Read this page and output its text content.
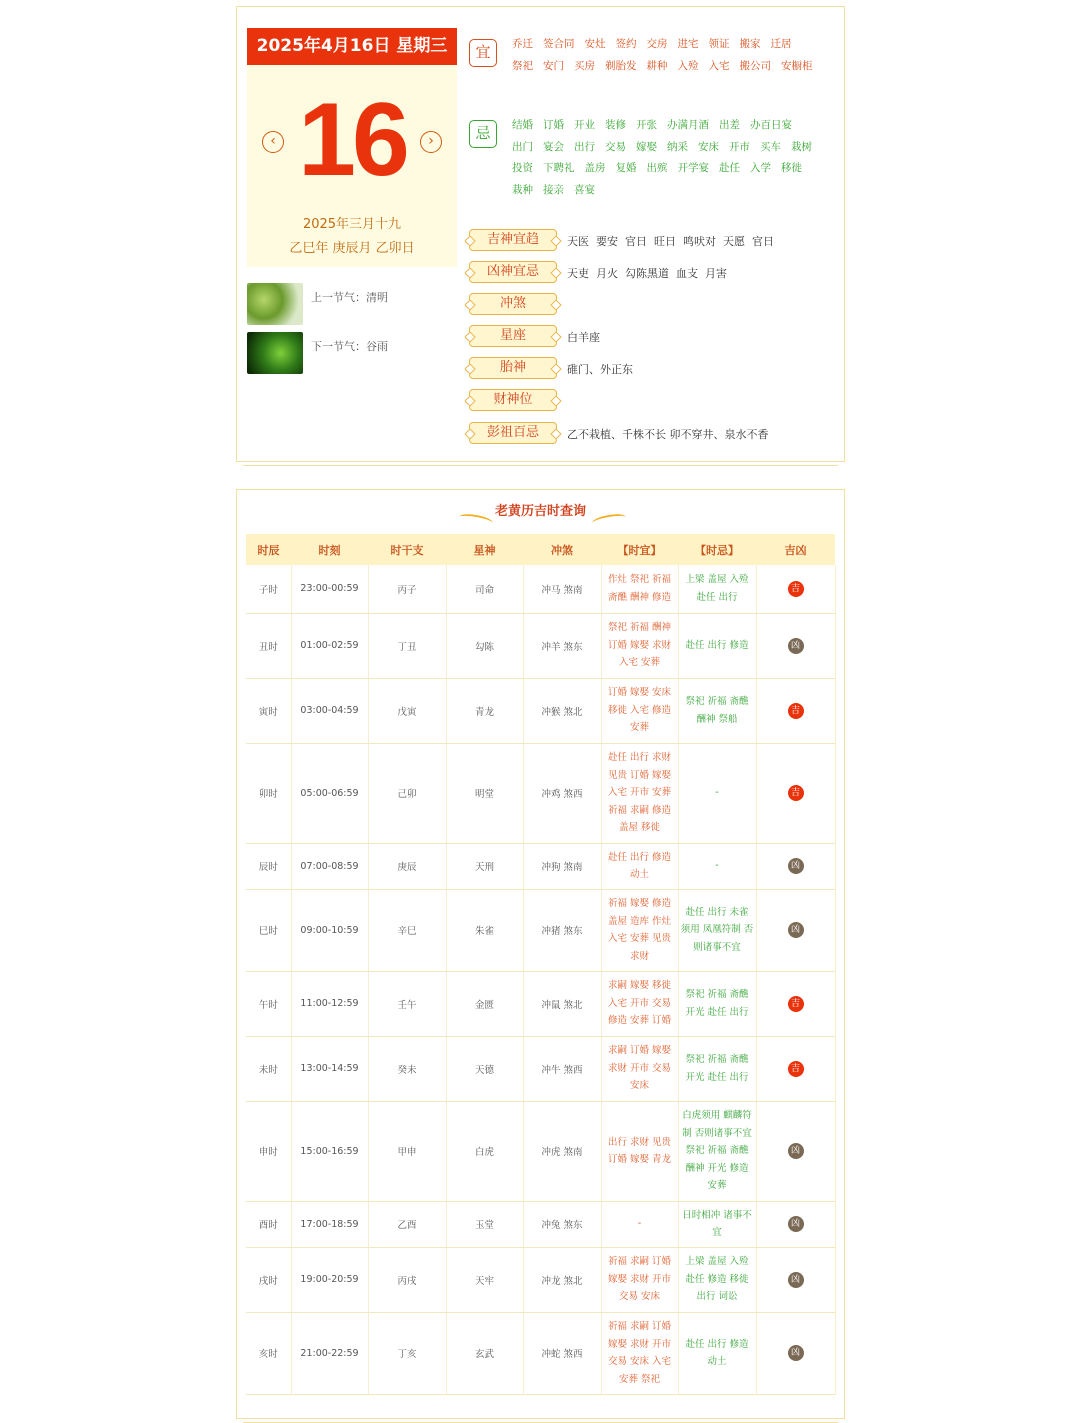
2025年4月16日 星期三
‹ 16	›
2025年三月十九
乙巳年 庚辰月 乙卯日
上一节气：清明
下一节气：谷雨
宜	乔迁 签合同 安灶 签约 交房 进宅 领证 搬家 迁居祭祀 安门 买房 剃胎发 耕种 入殓 入宅 搬公司 安橱柜
忌	结婚 订婚 开业 装修 开张 办满月酒 出差 办百日宴出门 宴会 出行 交易 嫁娶 纳采 安床 开市 买车 栽树投资 下聘礼 盖房 复婚 出殡 开学宴 赴任 入学 移徙栽种 接亲 喜宴
吉神宜趋	天医 要安 官日 旺日 鸣吠对 天愿 官日
凶神宜忌	天吏 月火 勾陈黑道 血支 月害
冲煞
星座	白羊座
胎神	碓门、外正东
财神位
彭祖百忌	乙不栽植、千株不长 卯不穿井、泉水不香
老黄历吉时查询
时辰	时刻	时干支	星神	冲煞	【时宜】	【时忌】	吉凶
子时	23:00-00:59	丙子	司命	冲马 煞南	作灶 祭祀 祈福 斋醮 酬神 修造	上梁 盖屋 入殓 赴任 出行	吉
丑时	01:00-02:59	丁丑	勾陈	冲羊 煞东	祭祀 祈福 酬神 订婚 嫁娶 求财 入宅 安葬	赴任 出行 修造	凶
寅时	03:00-04:59	戊寅	青龙	冲猴 煞北	订婚 嫁娶 安床 移徙 入宅 修造 安葬	祭祀 祈福 斋醮 酬神 祭船	吉
卯时	05:00-06:59	己卯	明堂	冲鸡 煞西	赴任 出行 求财 见贵 订婚 嫁娶 入宅 开市 安葬 祈福 求嗣 修造 盖屋 移徙	-	吉
辰时	07:00-08:59	庚辰	天刑	冲狗 煞南	赴任 出行 修造 动土	-	凶
巳时	09:00-10:59	辛巳	朱雀	冲猪 煞东	祈福 嫁娶 修造 盖屋 造库 作灶 入宅 安葬 见贵 求财	赴任 出行 未雀 须用 凤凰符制 否则诸事不宜	凶
午时	11:00-12:59	壬午	金匮	冲鼠 煞北	求嗣 嫁娶 移徙 入宅 开市 交易 修造 安葬 订婚	祭祀 祈福 斋醮 开光 赴任 出行	吉
未时	13:00-14:59	癸未	天德	冲牛 煞西	求嗣 订婚 嫁娶 求财 开市 交易 安床	祭祀 祈福 斋醮 开光 赴任 出行	吉
申时	15:00-16:59	甲申	白虎	冲虎 煞南	出行 求财 见贵 订婚 嫁娶 青龙	白虎须用 麒麟符制 否则诸事不宜 祭祀 祈福 斋醮 酬神 开光 修造 安葬	凶
酉时	17:00-18:59	乙酉	玉堂	冲兔 煞东	-	日时相冲 诸事不宜	凶
戌时	19:00-20:59	丙戌	天牢	冲龙 煞北	祈福 求嗣 订婚 嫁娶 求财 开市 交易 安床	上梁 盖屋 入殓 赴任 修造 移徙 出行 词讼	凶
亥时	21:00-22:59	丁亥	玄武	冲蛇 煞西	祈福 求嗣 订婚 嫁娶 求财 开市 交易 安床 入宅 安葬 祭祀	赴任 出行 修造 动土	凶
